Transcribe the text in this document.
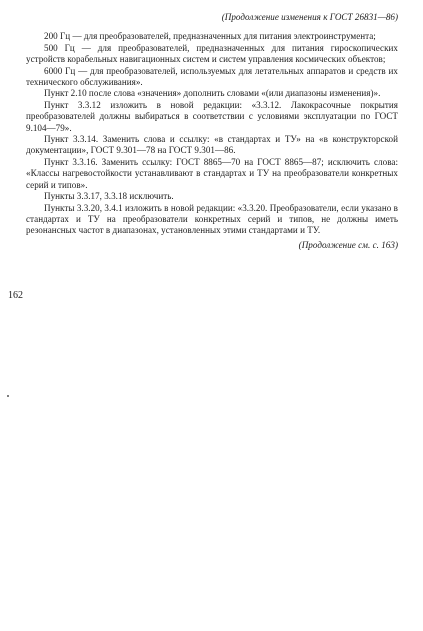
(Продолжение изменения к ГОСТ 26831—86)

200 Гц — для преобразователей, предназначенных для питания электроинструмента;

500 Гц — для преобразователей, предназначенных для питания гироскопических устройств корабельных навигационных систем и систем управления космических объектов;

6000 Гц — для преобразователей, используемых для летательных аппаратов и средств их технического обслуживания».

Пункт 2.10 после слова «значения» дополнить словами «(или диапазоны изменения)».

Пункт 3.3.12 изложить в новой редакции: «3.3.12. Лакокрасочные покрытия преобразователей должны выбираться в соответствии с условиями эксплуатации по ГОСТ 9.104—79».

Пункт 3.3.14. Заменить слова и ссылку: «в стандартах и ТУ» на «в конструкторской документации», ГОСТ 9.301—78 на ГОСТ 9.301—86.

Пункт 3.3.16. Заменить ссылку: ГОСТ 8865—70 на ГОСТ 8865—87; исключить слова: «Классы нагревостойкости устанавливают в стандартах и ТУ на преобразователи конкретных серий и типов».

Пункты 3.3.17, 3.3.18 исключить.

Пункты 3.3.20, 3.4.1 изложить в новой редакции: «3.3.20. Преобразователи, если указано в стандартах и ТУ на преобразователи конкретных серий и типов, не должны иметь резонансных частот в диапазонах, установленных этими стандартами и ТУ.

(Продолжение см. с. 163)

162
